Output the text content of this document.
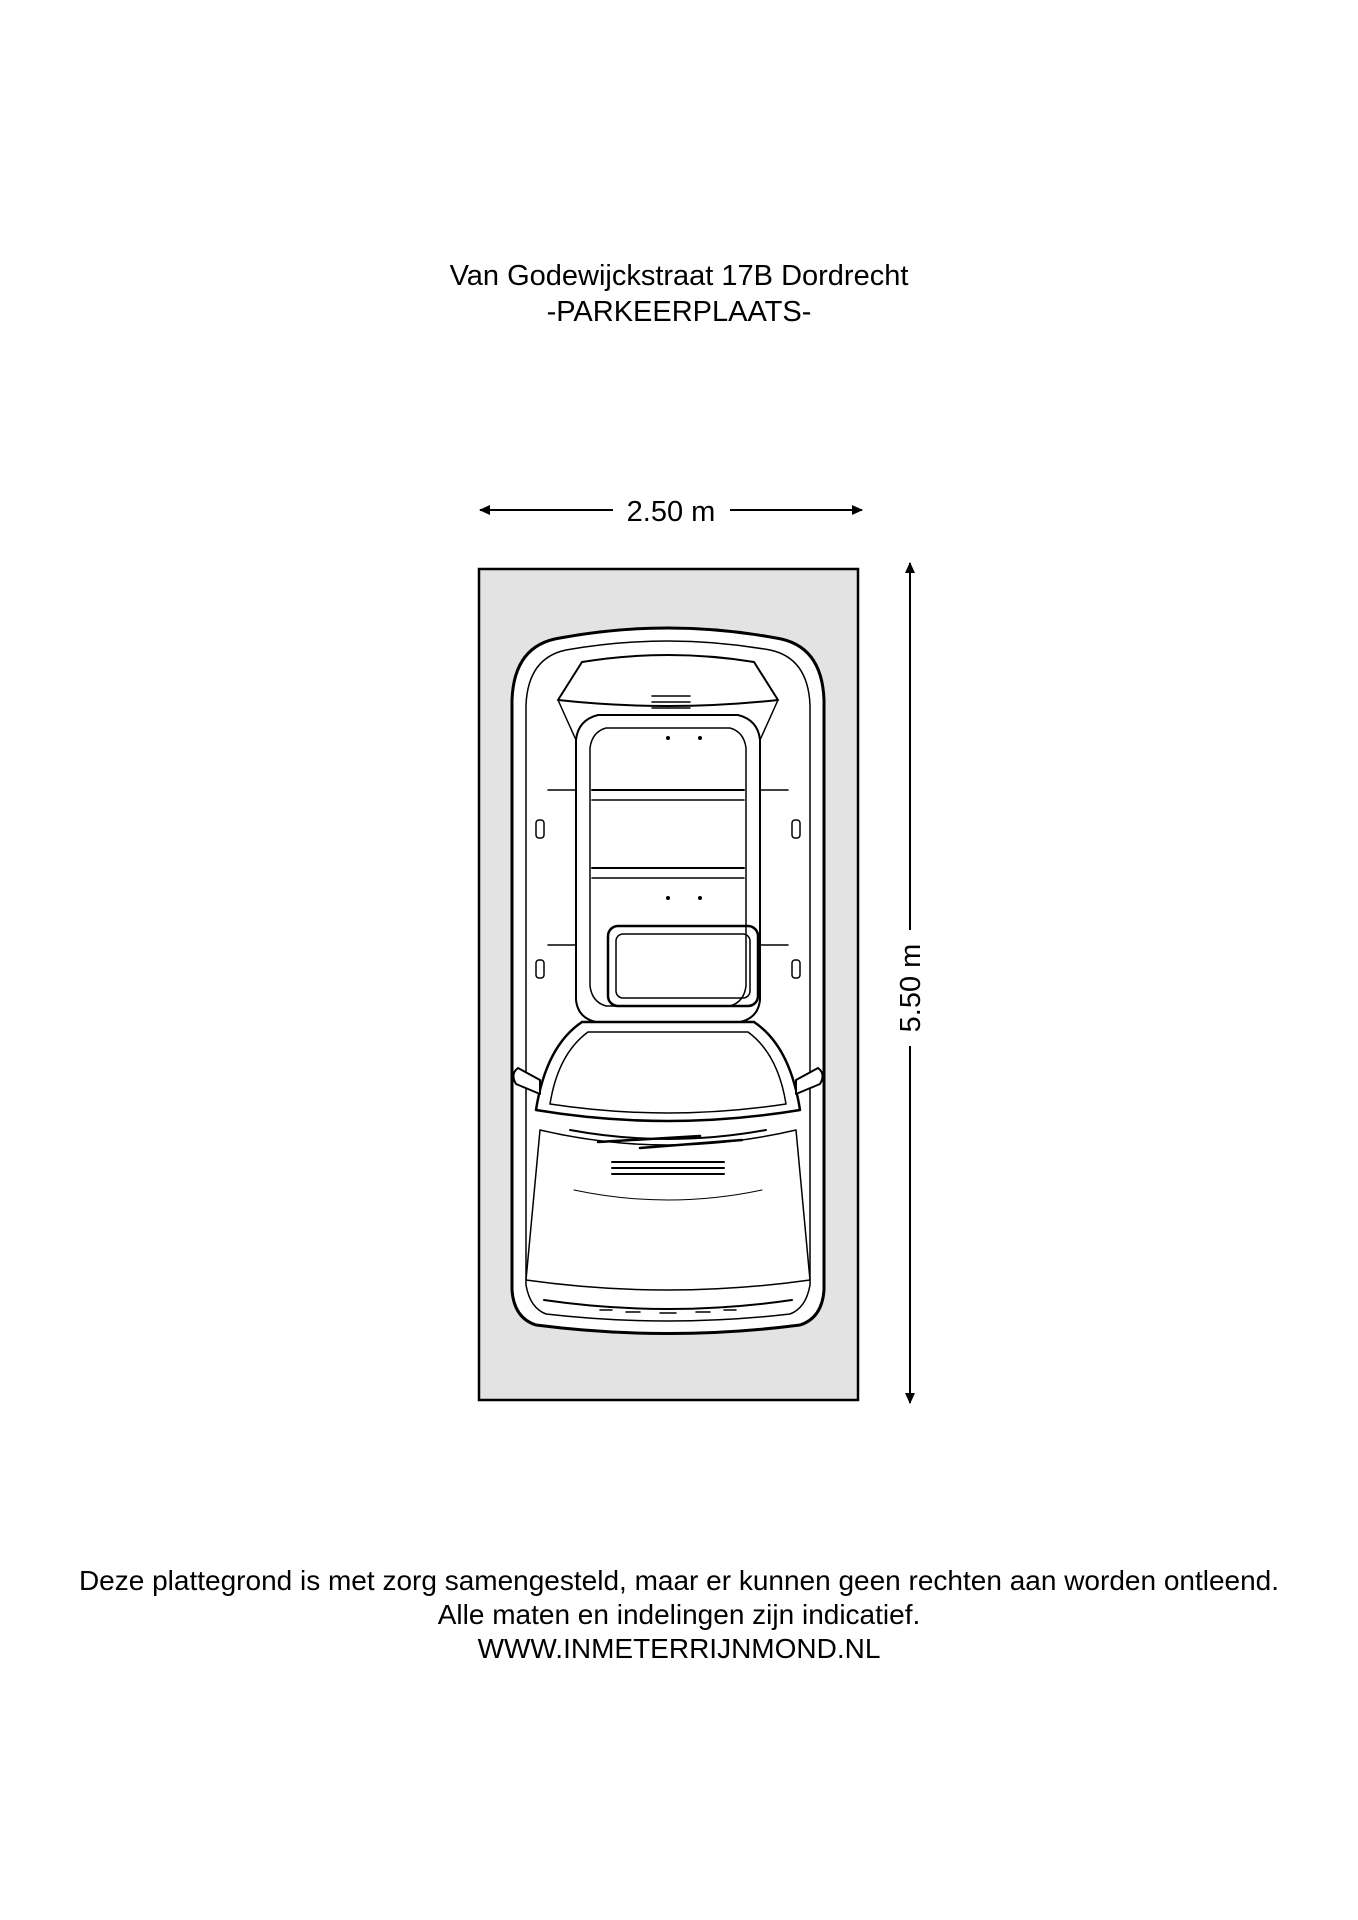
Van Godewijckstraat 17B Dordrecht
-PARKEERPLAATS-
2.50 m
5.50 m
Deze plattegrond is met zorg samengesteld, maar er kunnen geen rechten aan worden ontleend.
Alle maten en indelingen zijn indicatief.
WWW.INMETERRIJNMOND.NL
